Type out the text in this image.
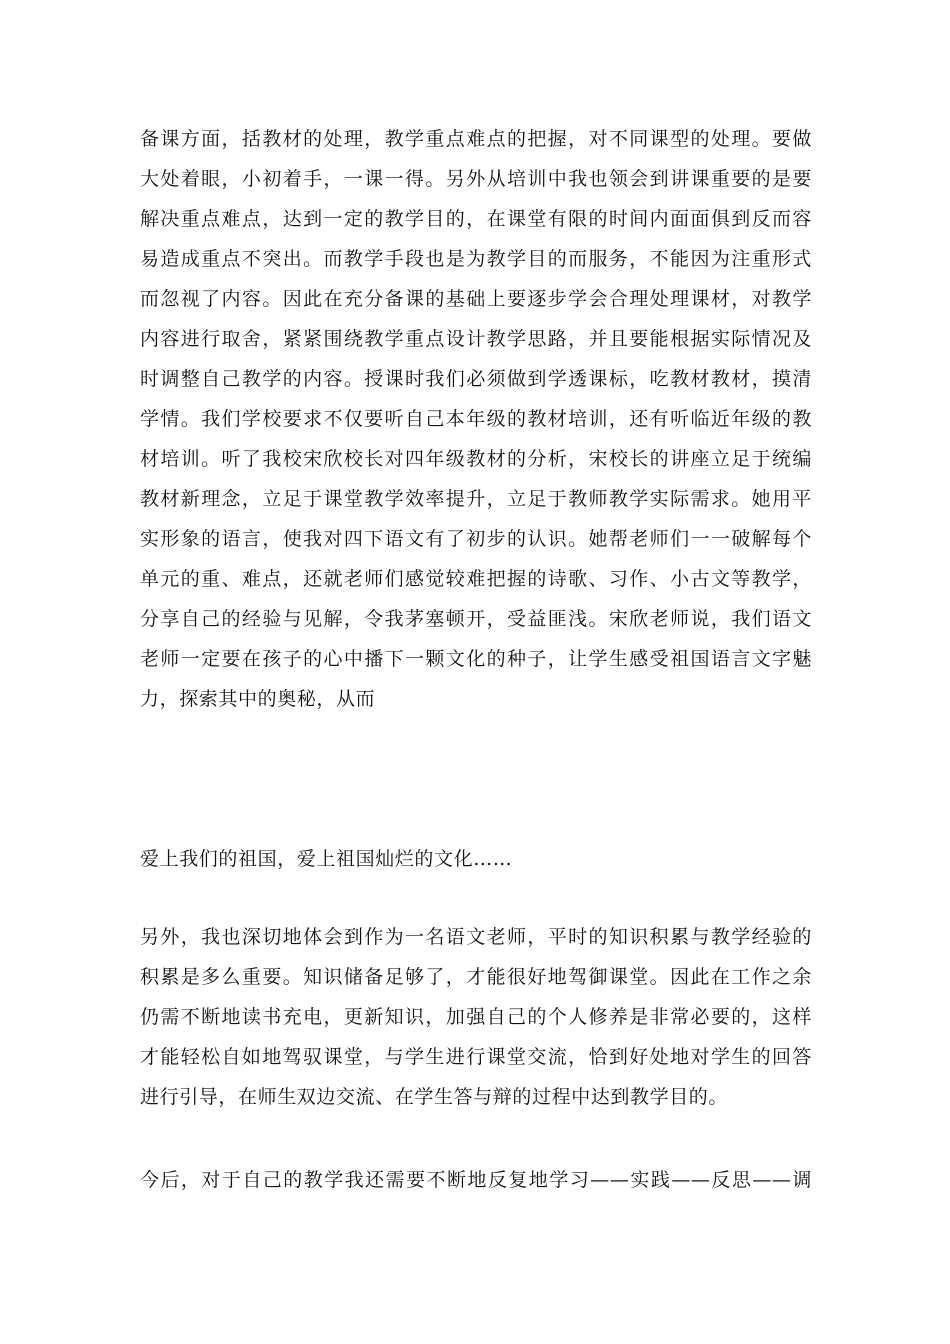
备课方面，括教材的处理，教学重点难点的把握，对不同课型的处理。要做
大处着眼，小初着手，一课一得。另外从培训中我也领会到讲课重要的是要
解决重点难点，达到一定的教学目的，在课堂有限的时间内面面俱到反而容
易造成重点不突出。而教学手段也是为教学目的而服务，不能因为注重形式
而忽视了内容。因此在充分备课的基础上要逐步学会合理处理课材，对教学
内容进行取舍，紧紧围绕教学重点设计教学思路，并且要能根据实际情况及
时调整自己教学的内容。授课时我们必须做到学透课标，吃教材教材，摸清
学情。我们学校要求不仅要听自己本年级的教材培训，还有听临近年级的教
材培训。听了我校宋欣校长对四年级教材的分析，宋校长的讲座立足于统编
教材新理念，立足于课堂教学效率提升，立足于教师教学实际需求。她用平
实形象的语言，使我对四下语文有了初步的认识。她帮老师们一一破解每个
单元的重、难点，还就老师们感觉较难把握的诗歌、习作、小古文等教学，
分享自己的经验与见解，令我茅塞顿开，受益匪浅。宋欣老师说，我们语文
老师一定要在孩子的心中播下一颗文化的种子，让学生感受祖国语言文字魅
力，探索其中的奥秘，从而
爱上我们的祖国，爱上祖国灿烂的文化……
另外，我也深切地体会到作为一名语文老师，平时的知识积累与教学经验的
积累是多么重要。知识储备足够了，才能很好地驾御课堂。因此在工作之余
仍需不断地读书充电，更新知识，加强自己的个人修养是非常必要的，这样
才能轻松自如地驾驭课堂，与学生进行课堂交流，恰到好处地对学生的回答
进行引导，在师生双边交流、在学生答与辩的过程中达到教学目的。
今后，对于自己的教学我还需要不断地反复地学习——实践——反思——调
